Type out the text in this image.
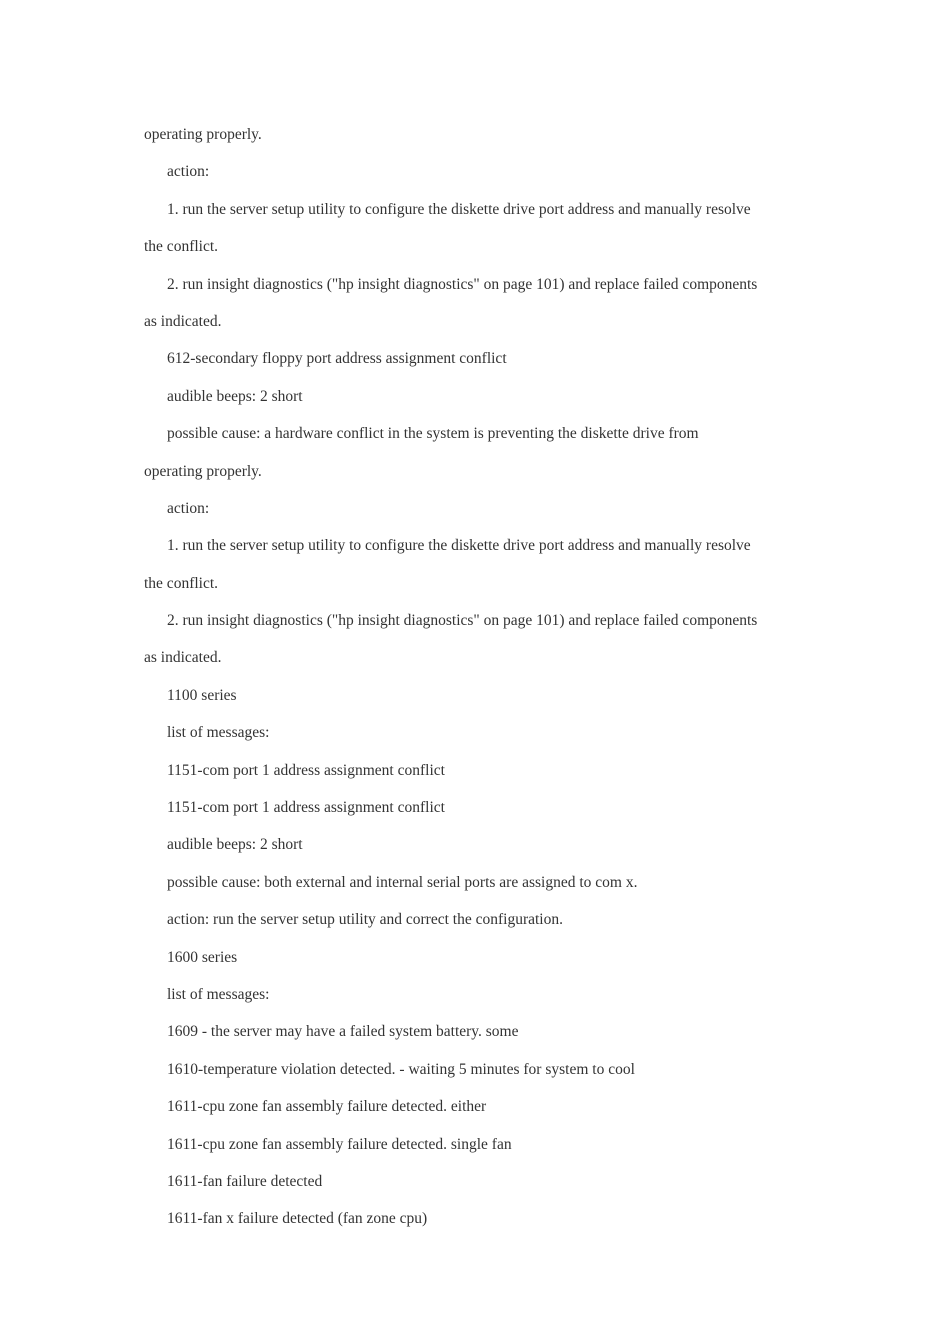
operating properly.
action:
1. run the server setup utility to configure the diskette drive port address and manually resolve
the conflict.
2. run insight diagnostics ("hp insight diagnostics" on page 101) and replace failed components
as indicated.
612-secondary floppy port address assignment conflict
audible beeps: 2 short
possible cause: a hardware conflict in the system is preventing the diskette drive from
operating properly.
action:
1. run the server setup utility to configure the diskette drive port address and manually resolve
the conflict.
2. run insight diagnostics ("hp insight diagnostics" on page 101) and replace failed components
as indicated.
1100 series
list of messages:
1151-com port 1 address assignment conflict
1151-com port 1 address assignment conflict
audible beeps: 2 short
possible cause: both external and internal serial ports are assigned to com x.
action: run the server setup utility and correct the configuration.
1600 series
list of messages:
1609 - the server may have a failed system battery. some
1610-temperature violation detected. - waiting 5 minutes for system to cool
1611-cpu zone fan assembly failure detected. either
1611-cpu zone fan assembly failure detected. single fan
1611-fan failure detected
1611-fan x failure detected (fan zone cpu)
